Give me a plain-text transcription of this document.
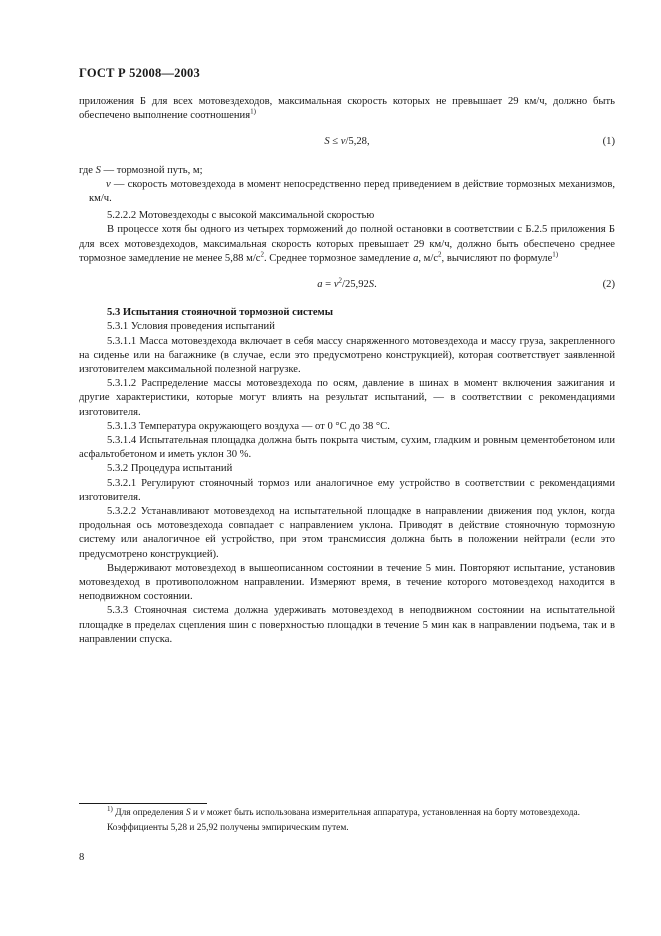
ГОСТ Р 52008—2003

приложения Б для всех мотовездеходов, максимальная скорость которых не превышает 29 км/ч, должно быть обеспечено выполнение соотношения$^{1)}$

S ≤ v/5,28,	(1)

где S — тормозной путь, м;

v — скорость мотовездехода в момент непосредственно перед приведением в действие тормозных механизмов, км/ч.

5.2.2.2 Мотовездеходы с высокой максимальной скоростью

В процессе хотя бы одного из четырех торможений до полной остановки в соответствии с Б.2.5 приложения Б для всех мотовездеходов, максимальная скорость которых превышает 29 км/ч, должно быть обеспечено среднее тормозное замедление не менее 5,88 $м/с^2$. Среднее тормозное замедление a, $м/с^2$, вычисляют по формуле$^{1)}$

$a = v^2/25,92S$.	(2)

5.3 Испытания стояночной тормозной системы

5.3.1 Условия проведения испытаний

5.3.1.1 Масса мотовездехода включает в себя массу снаряженного мотовездехода и массу груза, закрепленного на сиденье или на багажнике (в случае, если это предусмотрено конструкцией), которая соответствует заявленной изготовителем максимальной полезной нагрузке.

5.3.1.2 Распределение массы мотовездехода по осям, давление в шинах в момент включения зажигания и другие характеристики, которые могут влиять на результат испытаний, — в соответствии с рекомендациями изготовителя.

5.3.1.3 Температура окружающего воздуха — от 0 °С до 38 °С.

5.3.1.4 Испытательная площадка должна быть покрыта чистым, сухим, гладким и ровным цементобетоном или асфальтобетоном и иметь уклон 30 %.

5.3.2 Процедура испытаний

5.3.2.1 Регулируют стояночный тормоз или аналогичное ему устройство в соответствии с рекомендациями изготовителя.

5.3.2.2 Устанавливают мотовездеход на испытательной площадке в направлении движения под уклон, когда продольная ось мотовездехода совпадает с направлением уклона. Приводят в действие стояночную тормозную систему или аналогичное ей устройство, при этом трансмиссия должна быть в положении нейтрали (если это предусмотрено конструкцией).

Выдерживают мотовездеход в вышеописанном состоянии в течение 5 мин. Повторяют испытание, установив мотовездеход в противоположном направлении. Измеряют время, в течение которого мотовездеход находится в неподвижном состоянии.

5.3.3 Стояночная система должна удерживать мотовездеход в неподвижном состоянии на испытательной площадке в пределах сцепления шин с поверхностью площадки в течение 5 мин как в направлении подъема, так и в направлении спуска.

$^{1)}$ Для определения S и v может быть использована измерительная аппаратура, установленная на борту мотовездехода.

Коэффициенты 5,28 и 25,92 получены эмпирическим путем.

8
